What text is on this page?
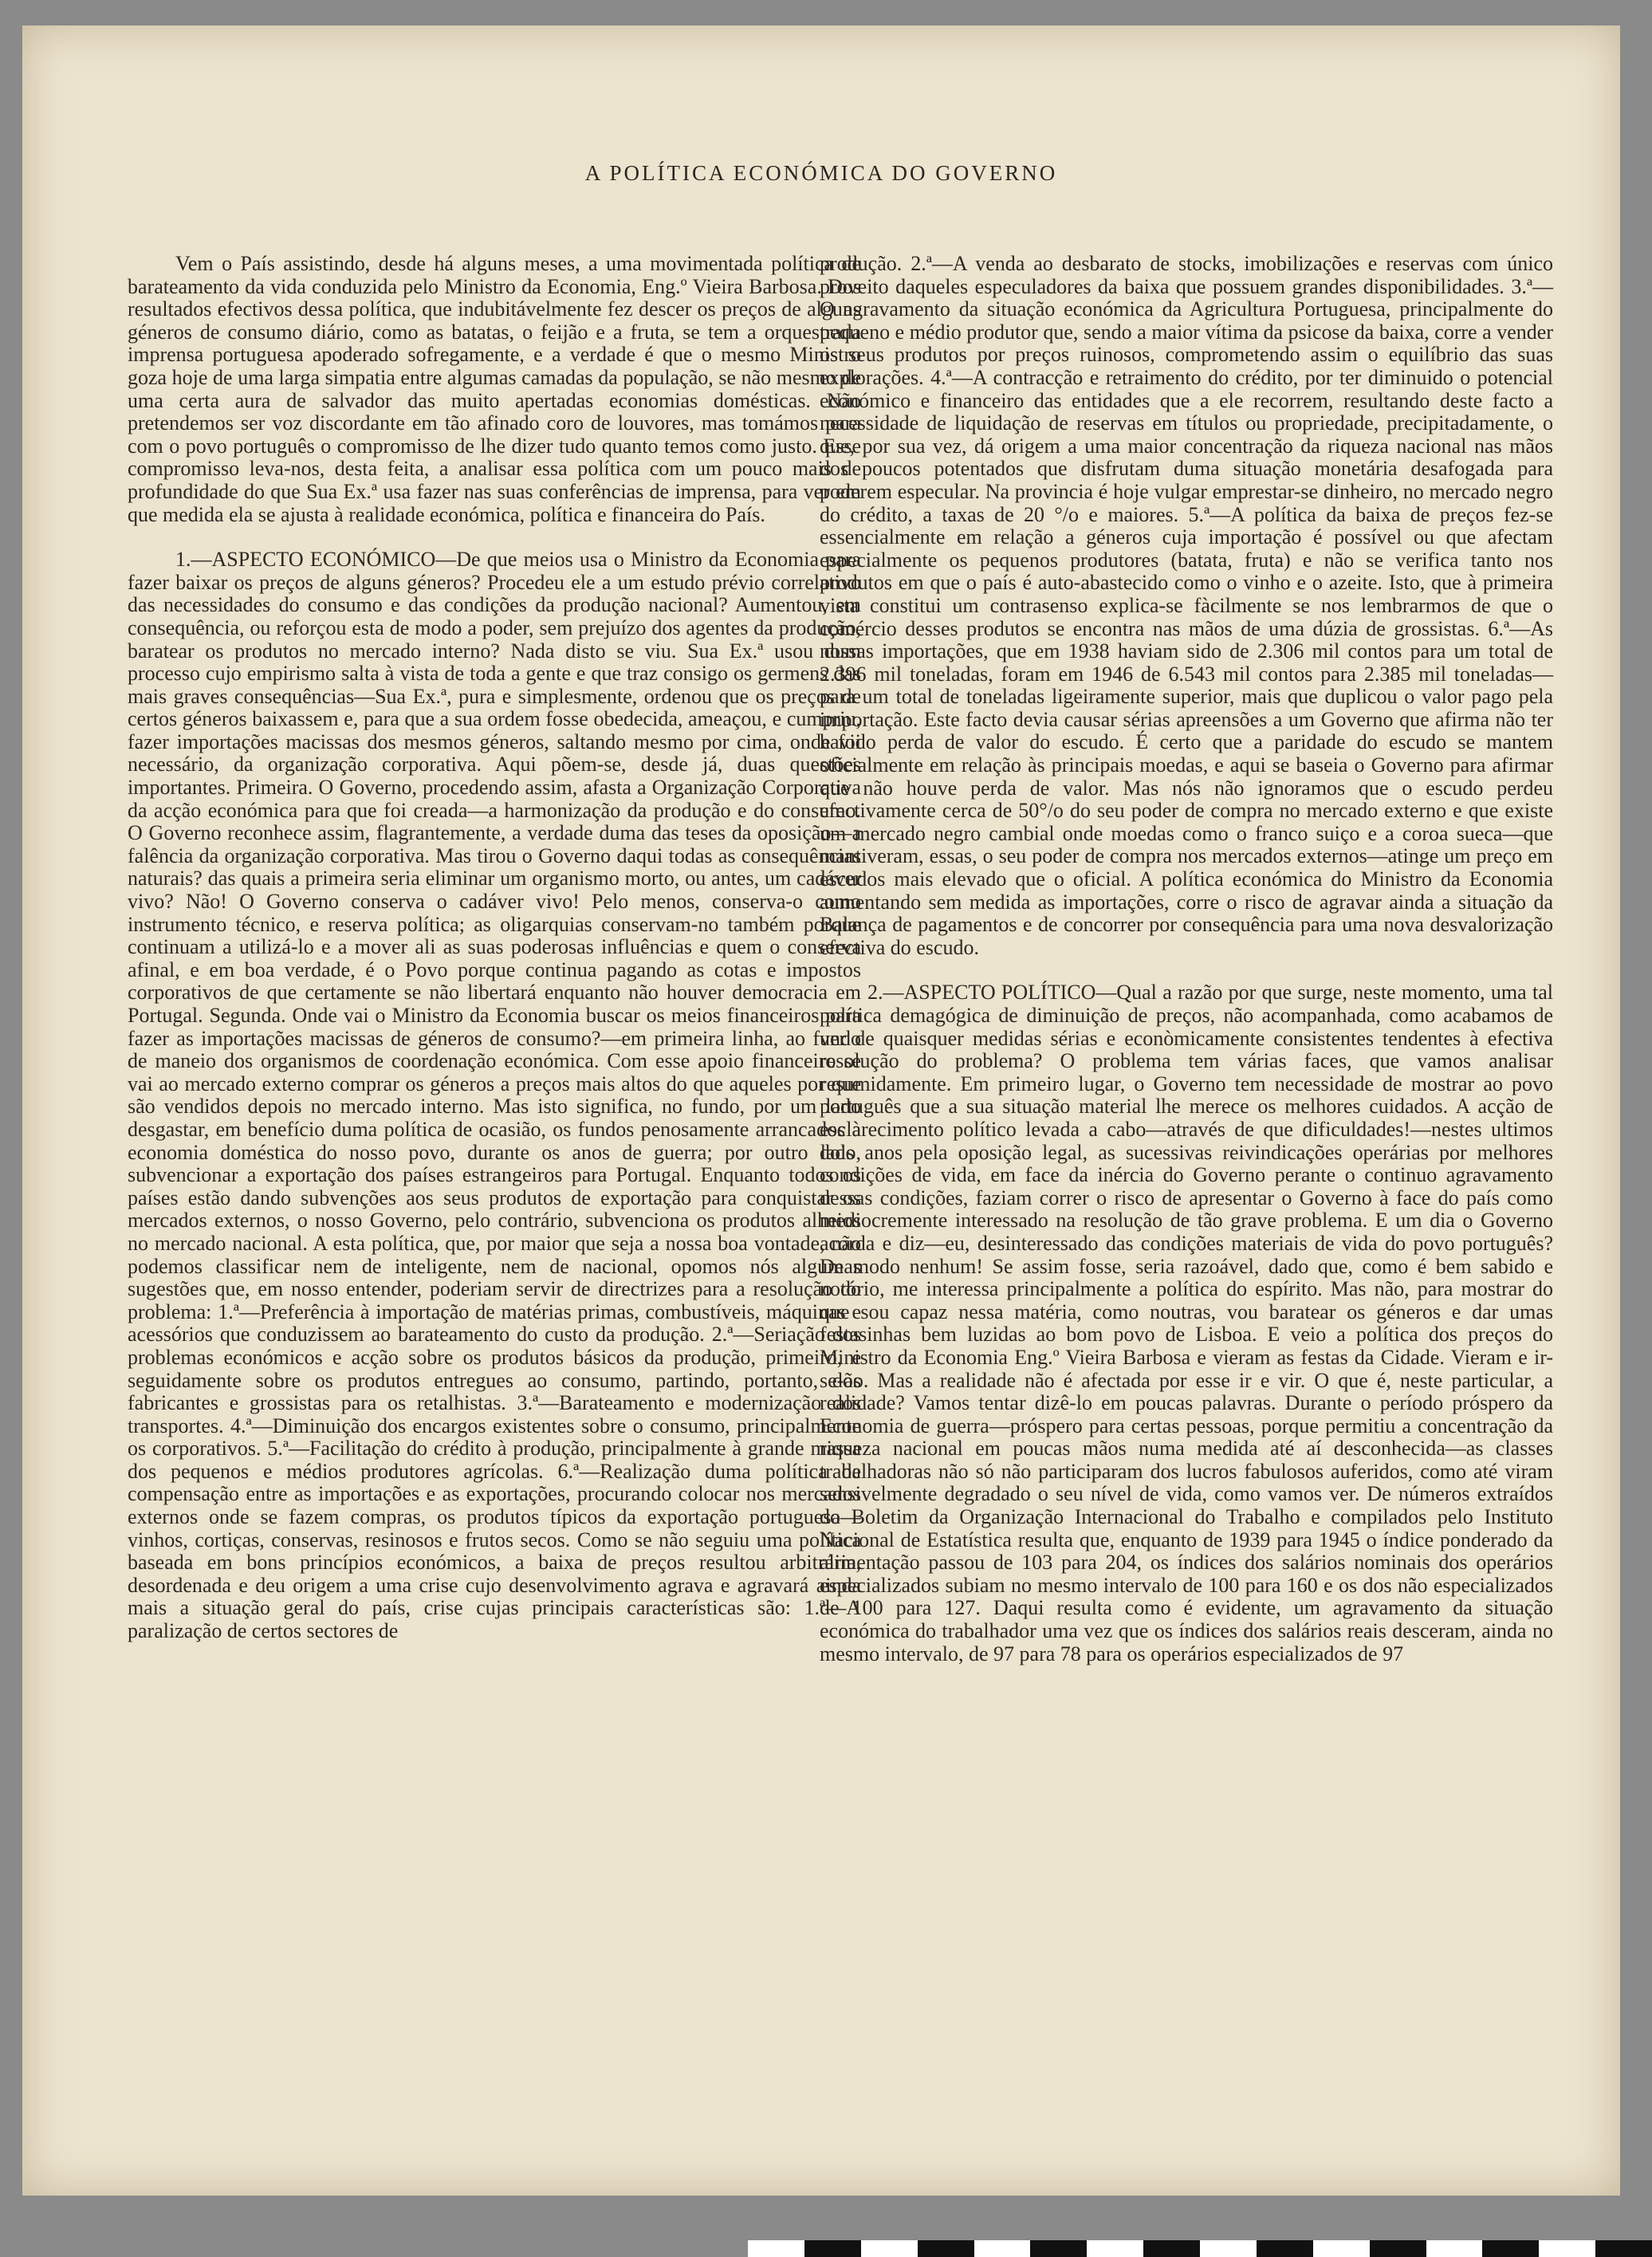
A POLÍTICA ECONÓMICA DO GOVERNO

Vem o País assistindo, desde há alguns meses, a uma movimentada política de barateamento da vida conduzida pelo Ministro da Economia, Eng.º Vieira Barbosa. Dos resultados efectivos dessa política, que indubitávelmente fez descer os preços de alguns géneros de consumo diário, como as batatas, o feijão e a fruta, se tem a orquestrada imprensa portuguesa apoderado sofregamente, e a verdade é que o mesmo Ministro goza hoje de uma larga simpatia entre algumas camadas da população, se não mesmo de uma certa aura de salvador das muito apertadas economias domésticas. Não pretendemos ser voz discordante em tão afinado coro de louvores, mas tomámos para com o povo português o compromisso de lhe dizer tudo quanto temos como justo. Esse compromisso leva-nos, desta feita, a analisar essa política com um pouco mais de profundidade do que Sua Ex.ª usa fazer nas suas conferências de imprensa, para ver em que medida ela se ajusta à realidade económica, política e financeira do País.

1.—ASPECTO ECONÓMICO—De que meios usa o Ministro da Economia para fazer baixar os preços de alguns géneros? Procedeu ele a um estudo prévio correlativo das necessidades do consumo e das condições da produção nacional? Aumentou, em consequência, ou reforçou esta de modo a poder, sem prejuízo dos agentes da produção, baratear os produtos no mercado interno? Nada disto se viu. Sua Ex.ª usou dum processo cujo empirismo salta à vista de toda a gente e que traz consigo os germens das mais graves consequências—Sua Ex.ª, pura e simplesmente, ordenou que os preços de certos géneros baixassem e, para que a sua ordem fosse obedecida, ameaçou, e cumpriu, fazer importações macissas dos mesmos géneros, saltando mesmo por cima, onde foi necessário, da organização corporativa. Aqui põem-se, desde já, duas questões importantes. Primeira. O Governo, procedendo assim, afasta a Organização Corporativa da acção económica para que foi creada—a harmonização da produção e do consumo. O Governo reconhece assim, flagrantemente, a verdade duma das teses da oposição—a falência da organização corporativa. Mas tirou o Governo daqui todas as consequências naturais? das quais a primeira seria eliminar um organismo morto, ou antes, um cadáver vivo? Não! O Governo conserva o cadáver vivo! Pelo menos, conserva-o como instrumento técnico, e reserva política; as oligarquias conservam-no também porque continuam a utilizá-lo e a mover ali as suas poderosas influências e quem o conserva afinal, e em boa verdade, é o Povo porque continua pagando as cotas e impostos corporativos de que certamente se não libertará enquanto não houver democracia em Portugal. Segunda. Onde vai o Ministro da Economia buscar os meios financeiros para fazer as importações macissas de géneros de consumo?—em primeira linha, ao fundo de maneio dos organismos de coordenação económica. Com esse apoio financeiro se vai ao mercado externo comprar os géneros a preços mais altos do que aqueles por que são vendidos depois no mercado interno. Mas isto significa, no fundo, por um lado desgastar, em benefício duma política de ocasião, os fundos penosamente arrancados à economia doméstica do nosso povo, durante os anos de guerra; por outro lado, subvencionar a exportação dos países estrangeiros para Portugal. Enquanto todos os países estão dando subvenções aos seus produtos de exportação para conquistar os mercados externos, o nosso Governo, pelo contrário, subvenciona os produtos alheios no mercado nacional. A esta política, que, por maior que seja a nossa boa vontade, não podemos classificar nem de inteligente, nem de nacional, opomos nós algumas sugestões que, em nosso entender, poderiam servir de directrizes para a resolução do problema: 1.ª—Preferência à importação de matérias primas, combustíveis, máquinas e acessórios que conduzissem ao barateamento do custo da produção. 2.ª—Seriação dos problemas económicos e acção sobre os produtos básicos da produção, primeiro, e seguidamente sobre os produtos entregues ao consumo, partindo, portanto, dos fabricantes e grossistas para os retalhistas. 3.ª—Barateamento e modernização dos transportes. 4.ª—Diminuição dos encargos existentes sobre o consumo, principalmente os corporativos. 5.ª—Facilitação do crédito à produção, principalmente à grande massa dos pequenos e médios produtores agrícolas. 6.ª—Realização duma política de compensação entre as importações e as exportações, procurando colocar nos mercados externos onde se fazem compras, os produtos típicos da exportação portuguesa—vinhos, cortiças, conservas, resinosos e frutos secos. Como se não seguiu uma política baseada em bons princípios económicos, a baixa de preços resultou arbitrária, desordenada e deu origem a uma crise cujo desenvolvimento agrava e agravará ainda mais a situação geral do país, crise cujas principais características são: 1.ª—A paralização de certos sectores de

produção. 2.ª—A venda ao desbarato de stocks, imobilizações e reservas com único proveito daqueles especuladores da baixa que possuem grandes disponibilidades. 3.ª—O agravamento da situação económica da Agricultura Portuguesa, principalmente do pequeno e médio produtor que, sendo a maior vítima da psicose da baixa, corre a vender os seus produtos por preços ruinosos, comprometendo assim o equilíbrio das suas explorações. 4.ª—A contracção e retraimento do crédito, por ter diminuido o potencial económico e financeiro das entidades que a ele recorrem, resultando deste facto a necessidade de liquidação de reservas em títulos ou propriedade, precipitadamente, o que, por sua vez, dá origem a uma maior concentração da riqueza nacional nas mãos dos poucos potentados que disfrutam duma situação monetária desafogada para poderem especular. Na provincia é hoje vulgar emprestar-se dinheiro, no mercado negro do crédito, a taxas de 20 °/o e maiores. 5.ª—A política da baixa de preços fez-se essencialmente em relação a géneros cuja importação é possível ou que afectam especialmente os pequenos produtores (batata, fruta) e não se verifica tanto nos produtos em que o país é auto-abastecido como o vinho e o azeite. Isto, que à primeira vista constitui um contrasenso explica-se fàcilmente se nos lembrarmos de que o comércio desses produtos se encontra nas mãos de uma dúzia de grossistas. 6.ª—As nossas importações, que em 1938 haviam sido de 2.306 mil contos para um total de 2.396 mil toneladas, foram em 1946 de 6.543 mil contos para 2.385 mil toneladas—para um total de toneladas ligeiramente superior, mais que duplicou o valor pago pela importação. Este facto devia causar sérias apreensões a um Governo que afirma não ter havido perda de valor do escudo. É certo que a paridade do escudo se mantem oficialmente em relação às principais moedas, e aqui se baseia o Governo para afirmar que não houve perda de valor. Mas nós não ignoramos que o escudo perdeu efectivamente cerca de 50°/o do seu poder de compra no mercado externo e que existe um mercado negro cambial onde moedas como o franco suiço e a coroa sueca—que mantiveram, essas, o seu poder de compra nos mercados externos—atinge um preço em escudos mais elevado que o oficial. A política económica do Ministro da Economia aumentando sem medida as importações, corre o risco de agravar ainda a situação da Balança de pagamentos e de concorrer por consequência para uma nova desvalorização efectiva do escudo.

2.—ASPECTO POLÍTICO—Qual a razão por que surge, neste momento, uma tal política demagógica de diminuição de preços, não acompanhada, como acabamos de ver de quaisquer medidas sérias e econòmicamente consistentes tendentes à efectiva resolução do problema? O problema tem várias faces, que vamos analisar resumidamente. Em primeiro lugar, o Governo tem necessidade de mostrar ao povo português que a sua situação material lhe merece os melhores cuidados. A acção de esclarecimento político levada a cabo—através de que dificuldades!—nestes ultimos dois anos pela oposição legal, as sucessivas reivindicações operárias por melhores condições de vida, em face da inércia do Governo perante o continuo agravamento dessas condições, faziam correr o risco de apresentar o Governo à face do país como mediocremente interessado na resolução de tão grave problema. E um dia o Governo acorda e diz—eu, desinteressado das condições materiais de vida do povo português? De modo nenhum! Se assim fosse, seria razoável, dado que, como é bem sabido e notório, me interessa principalmente a política do espírito. Mas não, para mostrar do que sou capaz nessa matéria, como noutras, vou baratear os géneros e dar umas festasinhas bem luzidas ao bom povo de Lisboa. E veio a política dos preços do Ministro da Economia Eng.º Vieira Barbosa e vieram as festas da Cidade. Vieram e ir-se-ão. Mas a realidade não é afectada por esse ir e vir. O que é, neste particular, a realidade? Vamos tentar dizê-lo em poucas palavras. Durante o período próspero da Economia de guerra—próspero para certas pessoas, porque permitiu a concentração da riqueza nacional em poucas mãos numa medida até aí desconhecida—as classes trabalhadoras não só não participaram dos lucros fabulosos auferidos, como até viram sensivelmente degradado o seu nível de vida, como vamos ver. De números extraídos do Boletim da Organização Internacional do Trabalho e compilados pelo Instituto Nacional de Estatística resulta que, enquanto de 1939 para 1945 o índice ponderado da alimentação passou de 103 para 204, os índices dos salários nominais dos operários especializados subiam no mesmo intervalo de 100 para 160 e os dos não especializados de 100 para 127. Daqui resulta como é evidente, um agravamento da situação económica do trabalhador uma vez que os índices dos salários reais desceram, ainda no mesmo intervalo, de 97 para 78 para os operários especializados de 97
